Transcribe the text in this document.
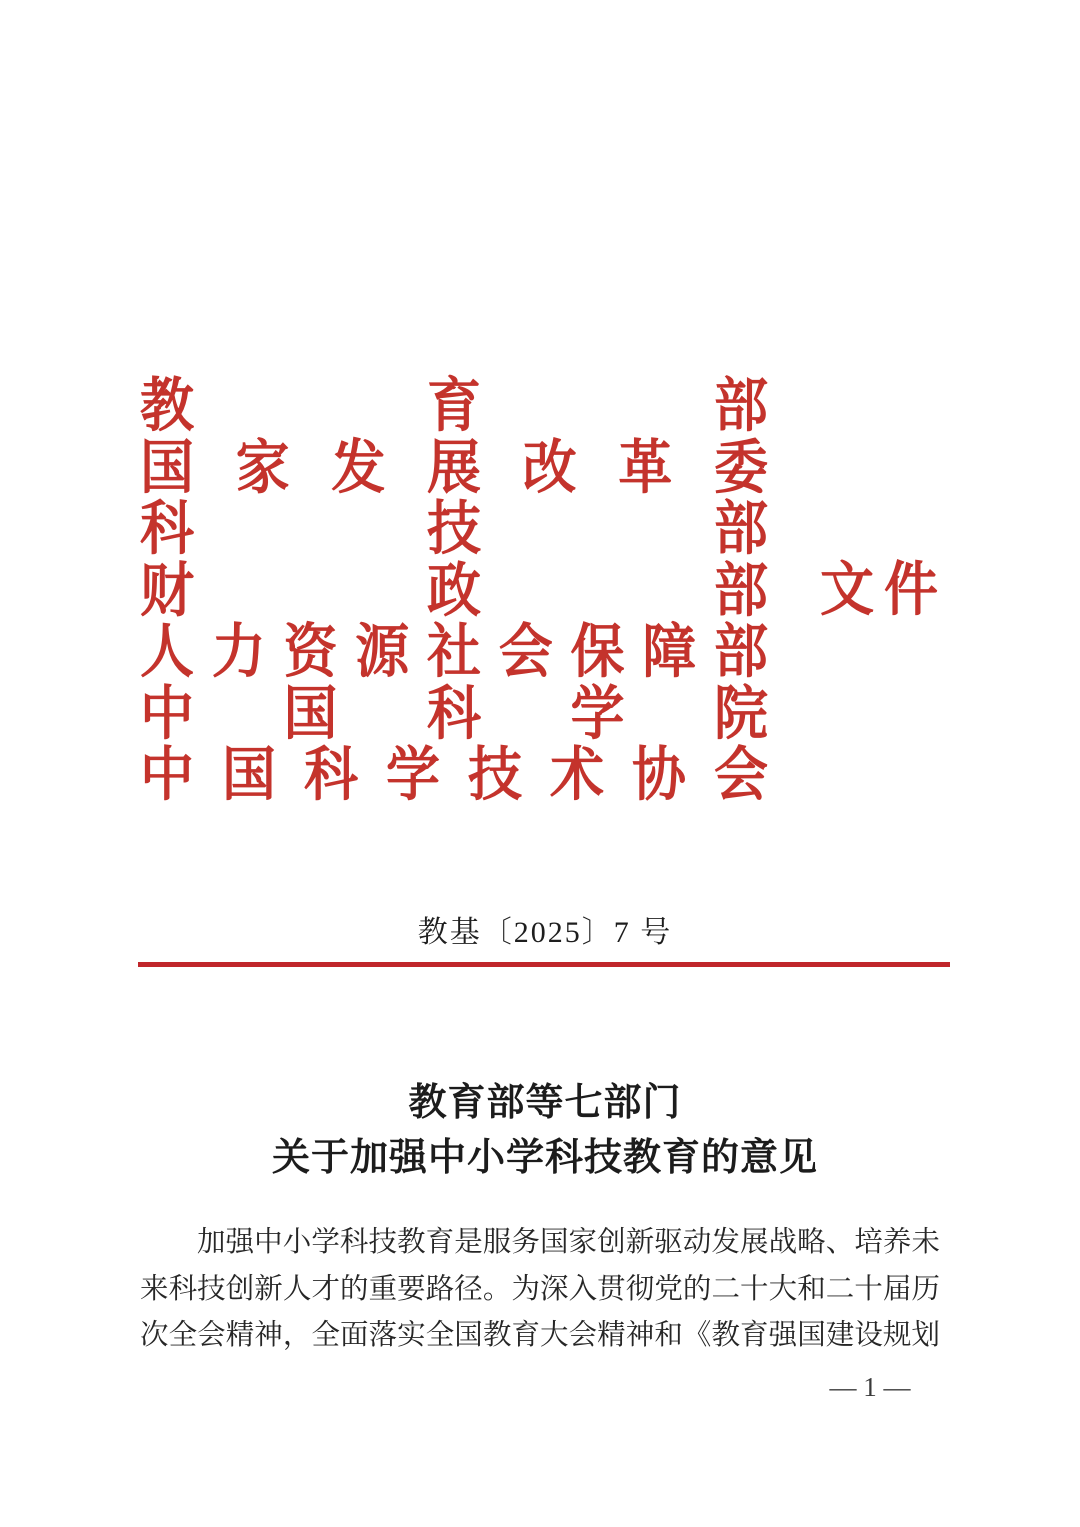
教	育	部
国 家 发 展 改 革 委
科	技	部
财	政	部
人 力 资 源 社 会 保 障 部
中 国 科 学 院
中 国 科 学 技 术 协 会
文 件
教基〔2025〕7 号
教育部等七部门
关于加强中小学科技教育的意见
加强中小学科技教育是服务国家创新驱动发展战略、培养未来科技创新人才的重要路径。为深入贯彻党的二十大和二十届历次全会精神，全面落实全国教育大会精神和《教育强国建设规划
— 1 —
